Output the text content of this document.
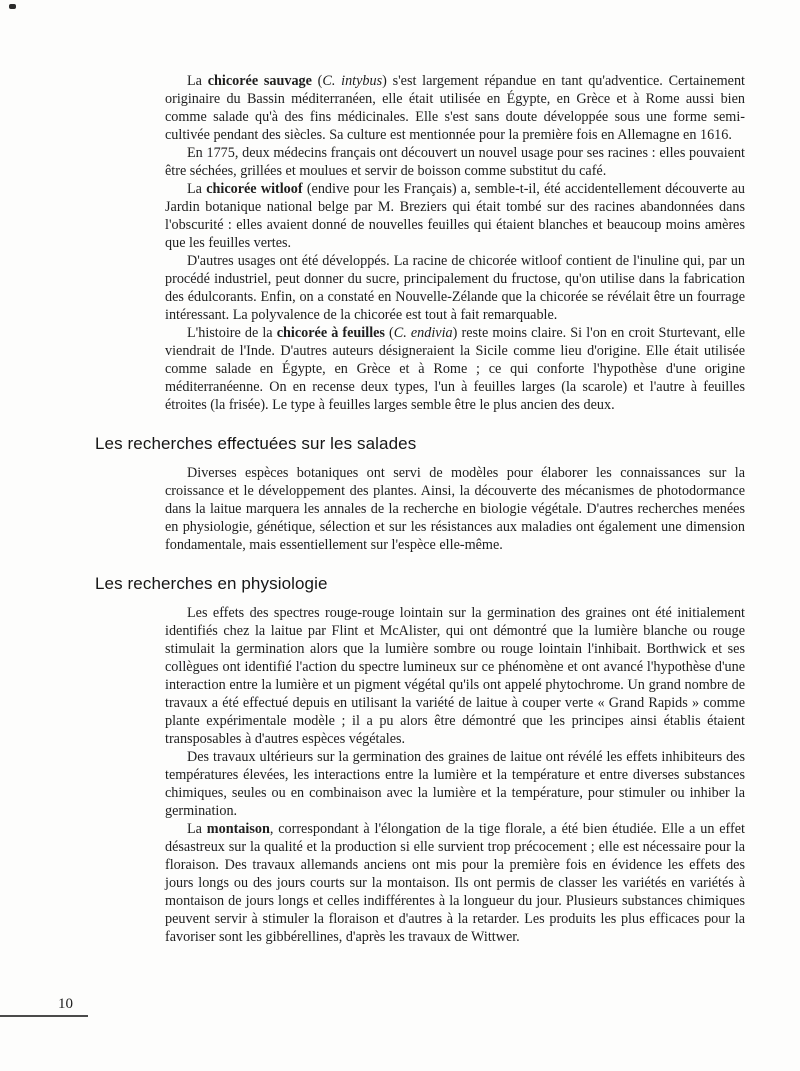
La chicorée sauvage (C. intybus) s'est largement répandue en tant qu'adventice. Certainement originaire du Bassin méditerranéen, elle était utilisée en Égypte, en Grèce et à Rome aussi bien comme salade qu'à des fins médicinales. Elle s'est sans doute développée sous une forme semi-cultivée pendant des siècles. Sa culture est mentionnée pour la première fois en Allemagne en 1616.

En 1775, deux médecins français ont découvert un nouvel usage pour ses racines : elles pouvaient être séchées, grillées et moulues et servir de boisson comme substitut du café.

La chicorée witloof (endive pour les Français) a, semble-t-il, été accidentellement découverte au Jardin botanique national belge par M. Breziers qui était tombé sur des racines abandonnées dans l'obscurité : elles avaient donné de nouvelles feuilles qui étaient blanches et beaucoup moins amères que les feuilles vertes.

D'autres usages ont été développés. La racine de chicorée witloof contient de l'inuline qui, par un procédé industriel, peut donner du sucre, principalement du fructose, qu'on utilise dans la fabrication des édulcorants. Enfin, on a constaté en Nouvelle-Zélande que la chicorée se révélait être un fourrage intéressant. La polyvalence de la chicorée est tout à fait remarquable.

L'histoire de la chicorée à feuilles (C. endivia) reste moins claire. Si l'on en croit Sturtevant, elle viendrait de l'Inde. D'autres auteurs désigneraient la Sicile comme lieu d'origine. Elle était utilisée comme salade en Égypte, en Grèce et à Rome ; ce qui conforte l'hypothèse d'une origine méditerranéenne. On en recense deux types, l'un à feuilles larges (la scarole) et l'autre à feuilles étroites (la frisée). Le type à feuilles larges semble être le plus ancien des deux.

Les recherches effectuées sur les salades

Diverses espèces botaniques ont servi de modèles pour élaborer les connaissances sur la croissance et le développement des plantes. Ainsi, la découverte des mécanismes de photodormance dans la laitue marquera les annales de la recherche en biologie végétale. D'autres recherches menées en physiologie, génétique, sélection et sur les résistances aux maladies ont également une dimension fondamentale, mais essentiellement sur l'espèce elle-même.

Les recherches en physiologie

Les effets des spectres rouge-rouge lointain sur la germination des graines ont été initialement identifiés chez la laitue par Flint et McAlister, qui ont démontré que la lumière blanche ou rouge stimulait la germination alors que la lumière sombre ou rouge lointain l'inhibait. Borthwick et ses collègues ont identifié l'action du spectre lumineux sur ce phénomène et ont avancé l'hypothèse d'une interaction entre la lumière et un pigment végétal qu'ils ont appelé phytochrome. Un grand nombre de travaux a été effectué depuis en utilisant la variété de laitue à couper verte « Grand Rapids » comme plante expérimentale modèle ; il a pu alors être démontré que les principes ainsi établis étaient transposables à d'autres espèces végétales.

Des travaux ultérieurs sur la germination des graines de laitue ont révélé les effets inhibiteurs des températures élevées, les interactions entre la lumière et la température et entre diverses substances chimiques, seules ou en combinaison avec la lumière et la température, pour stimuler ou inhiber la germination.

La montaison, correspondant à l'élongation de la tige florale, a été bien étudiée. Elle a un effet désastreux sur la qualité et la production si elle survient trop précocement ; elle est nécessaire pour la floraison. Des travaux allemands anciens ont mis pour la première fois en évidence les effets des jours longs ou des jours courts sur la montaison. Ils ont permis de classer les variétés en variétés à montaison de jours longs et celles indifférentes à la longueur du jour. Plusieurs substances chimiques peuvent servir à stimuler la floraison et d'autres à la retarder. Les produits les plus efficaces pour la favoriser sont les gibbérellines, d'après les travaux de Wittwer.

10
